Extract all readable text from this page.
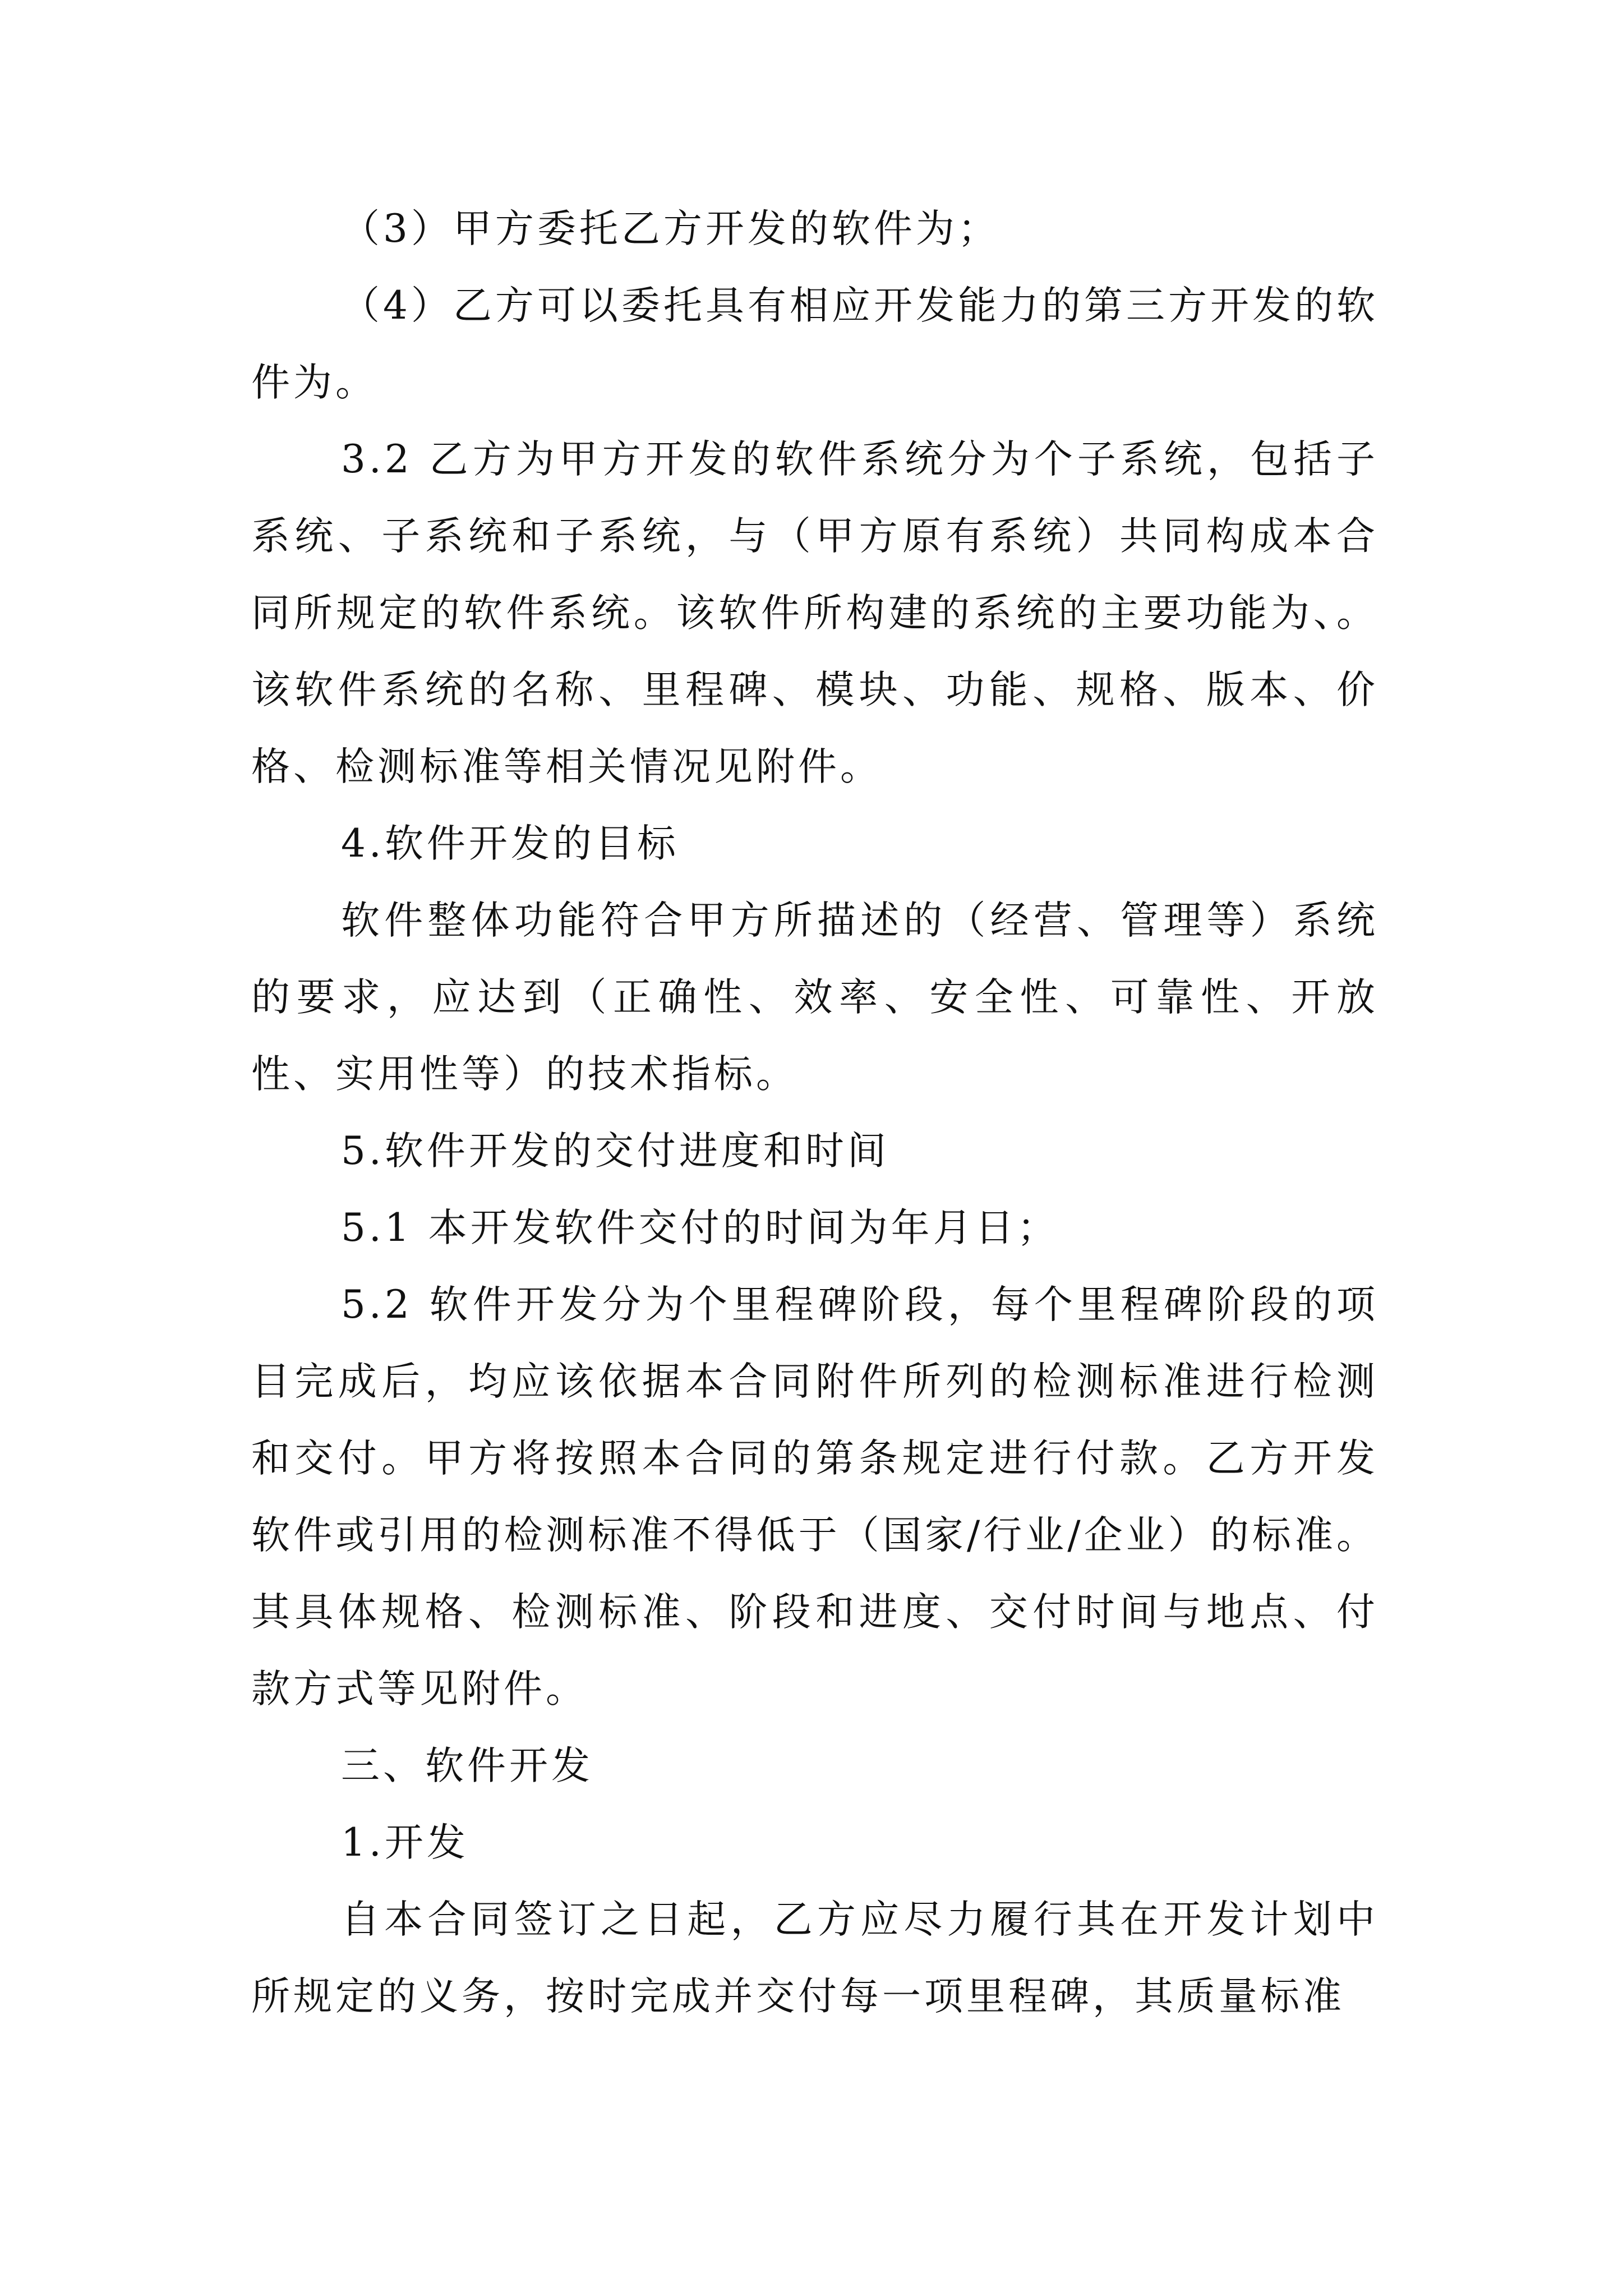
（3）甲方委托乙方开发的软件为；

（4）乙方可以委托具有相应开发能力的第三方开发的软件为。

3.2 乙方为甲方开发的软件系统分为个子系统，包括子系统、子系统和子系统，与（甲方原有系统）共同构成本合同所规定的软件系统。该软件所构建的系统的主要功能为、。该软件系统的名称、里程碑、模块、功能、规格、版本、价格、检测标准等相关情况见附件。

4.软件开发的目标

软件整体功能符合甲方所描述的（经营、管理等）系统的要求，应达到（正确性、效率、安全性、可靠性、开放性、实用性等）的技术指标。

5.软件开发的交付进度和时间

5.1 本开发软件交付的时间为年月日；

5.2 软件开发分为个里程碑阶段，每个里程碑阶段的项目完成后，均应该依据本合同附件所列的检测标准进行检测和交付。甲方将按照本合同的第条规定进行付款。乙方开发软件或引用的检测标准不得低于（国家/行业/企业）的标准。其具体规格、检测标准、阶段和进度、交付时间与地点、付款方式等见附件。

三、软件开发

1.开发

自本合同签订之日起，乙方应尽力履行其在开发计划中所规定的义务，按时完成并交付每一项里程碑，其质量标准
